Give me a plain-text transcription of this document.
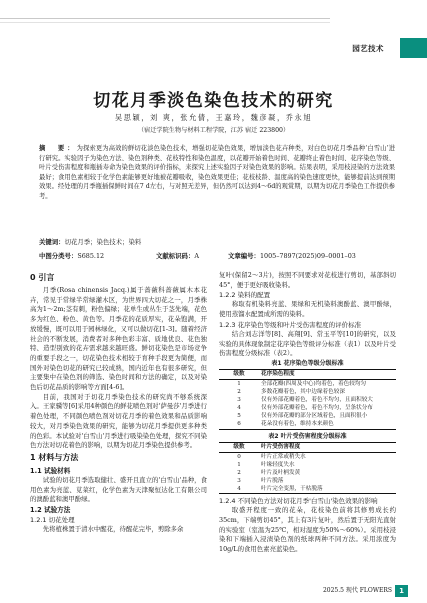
园艺技术
切花月季淡色染色技术的研究
吴思颖，刘 爽，张允倩，王嘉玲，魏彦凝，乔永旭
（宿迁学院生物与材料工程学院，江苏 宿迁 223800）
摘　要：为探索更为高效的鲜切花淡色染色技术，增强切花染色效果，增加淡色花卉种类，对白色切花月季品种‘白雪山’进行研究。实验因子为染色方法、染色剂种类、花枝特性和染色温度，以花瓣开始着色时间、花瓣终止着色时间、花序染色等级、叶片受伤害程度和瓶插寿命为染色效果的评价指标，来探究上述实验因子对染色效果的影响。结果表明，采用枝浸染的方法效果最好；食用色素相较于化学色素能够更好地被花瓣吸收，染色效果更佳；花枝枝龄、温度高的染色速度更快，能够提前达到预期效果。经处理的月季瓶插保鲜时间在7 d左右，与对照无差异，但仍然可以达到4～6d的观赏期，以期为切花月季染色工作提供参考。
关键词：切花月季；染色技术；染料
中图分类号：S685.12	文献标识码：A	文章编号：1005–7897(2025)09–0001–03
0 引言

月季(Rosa chinensis Jacq.)属于蔷薇科蔷薇属木本花卉，常见于常绿半常绿灌木区，为世界四大切花之一，月季株高为1～2m;茎有刺，粉色偏绿；花单生或丛生于茎先端，花色多为红色、粉色、黄色等。月季花的花质厚实，花朵饱满，开放缓慢，既可以用于园林绿化，又可以做切花[1-3]。随着经济社会的不断发展，消费者对多种色彩丰富、质地优良、花色独特、造型别致的花卉需求越来越旺盛。鲜切花染色是市场竞争的重要手段之一，切花染色技术相较于育种手段更为简便，而国外对染色切花的研究已较成熟，国内近年也有很多研究，但主要集中在染色剂的筛选、染色时间和方法的确定，以及对染色后切花品质的影响等方面[4-6]。

目前，我国对于切花月季染色技术的研究尚不够系统深入。王家骥等[6]采用4种颜色的鲜花喷色剂对'萨曼莎'月季进行着色处理，不同颜色喷色剂对切花月季的着色效果和品质影响较大，对月季染色效果的研究，能够为切花月季提供更多种类的色彩。本试验对'白雪山'月季进行吸染染色处理，探究不同染色方法对切花着色的影响，以期为切花月季染色提供参考。

1 材料与方法
1.1 试验材料

试验的切花月季选取健壮、盛开且直立的'白雪山'品种，食用色素为亮蓝、苋菜红，化学色素为天津聚恒达化工有限公司的澳酚蓝和澳甲酚绿。

1.2 试验方法
1.2.1 切花处理

先将植株置于清水中醒花，待醒花完毕，剪除多余

复叶(保留2～3片)，按照不同要求对花枝进行剪切，基部斜切45°，便于更好吸收染料。

1.2.2 染料的配置

称取有机染料亮蓝、果绿和无机染料澳酚蓝、澳甲酚绿，使用蒸馏水配置成所需的染料。

1.2.3 花序染色等级和叶片受伤害程度的评价标准

结合刘志洋等[8]、高翔[9]、常玉平等[10]的研究，以及实验的具体现象制定花序染色等级评分标准（表1）以及叶片受伤害程度分级标准（表2）。

表1 花序染色等级分级标准
级数	花序染色程度
1	全部花瓣(四周及中心)均着色，着色较均匀
2	多数花瓣着色，其中边缘着色较深
3	仅有外部花瓣着色，着色不均匀，且面积较大
4	仅有外部花瓣着色，着色不均匀，呈条状分布
5	仅有外部花瓣的部分区域着色，且面积很小
6	花朵没有着色，维持本来颜色
表2 叶片受伤害程度分级标准
级数	叶片受伤害程度
0	叶片正常或稍失水
1	叶缘轻度失水
2	叶片及叶柄发黄
3	叶片脱落
4	叶片完全变黑，干枯脱落
1.2.4 不同染色方法对切花月季'白雪山'染色效果的影响

取盛开程度一致的花朵，花枝染色前将其修剪成长约35cm，下端剪切45°，其上有3片复叶，然后置于无阳光直射的实验室（室温为25℃，相对湿度为50%～60%）。采用枝浸染和下端插入浸渍染色剂的纸球两种不同方法。采用浓度为10g/L的食用色素亮蓝染色。

2025.5 现代 FLOWERS	1
